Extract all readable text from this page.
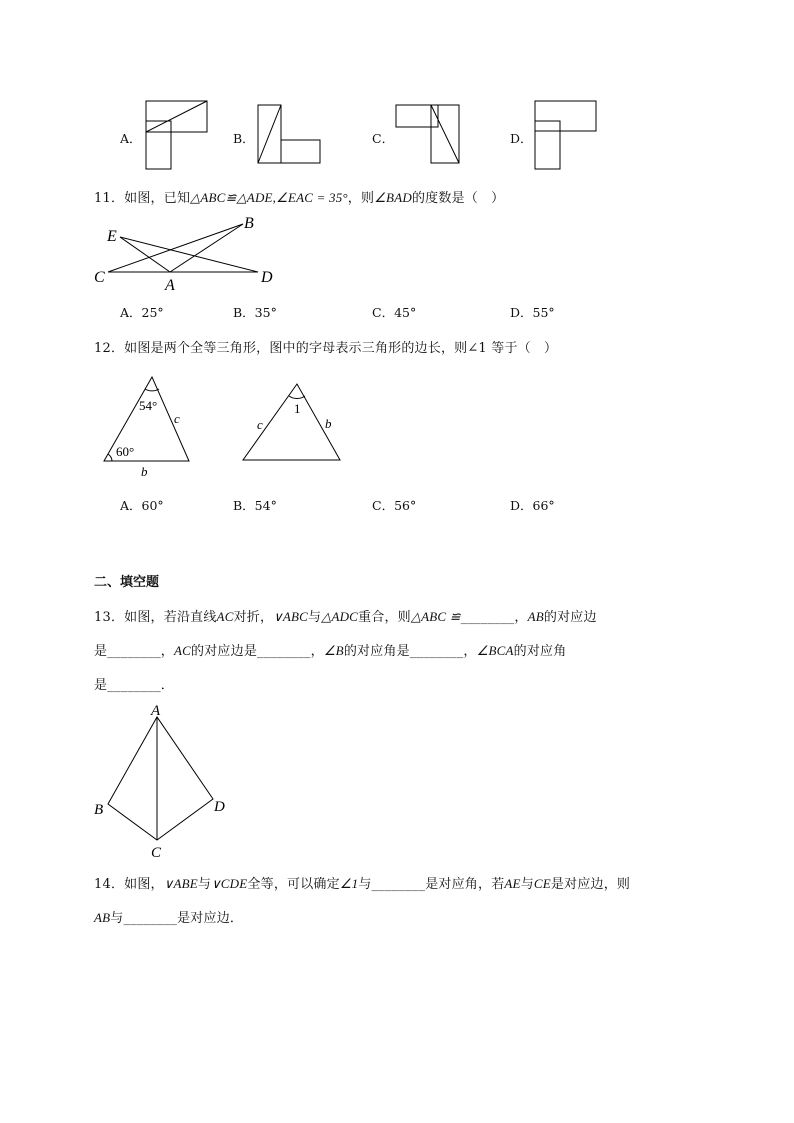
A．	B．	C．	D．
11．如图，已知△ABC≌△ADE,∠EAC = 35°，则∠BAD的度数是（　）
E
B
C	A	D
A．25°	B．35°	C．45°	D．55°
12．如图是两个全等三角形，图中的字母表示三角形的边长，则∠1 等于（　）
54°
60°
c
b
1
c	b
A．60°	B．54°	C．56°	D．66°
二、填空题
13．如图，若沿直线AC对折，∨ABC与△ADC重合，则△ABC ≌________，AB的对应边
是________，AC的对应边是________，∠B的对应角是________，∠BCA的对应角
是________．
A
B	D
C
14．如图，∨ABE与∨CDE全等，可以确定∠1与________是对应角，若AE与CE是对应边，则
AB与________是对应边．
